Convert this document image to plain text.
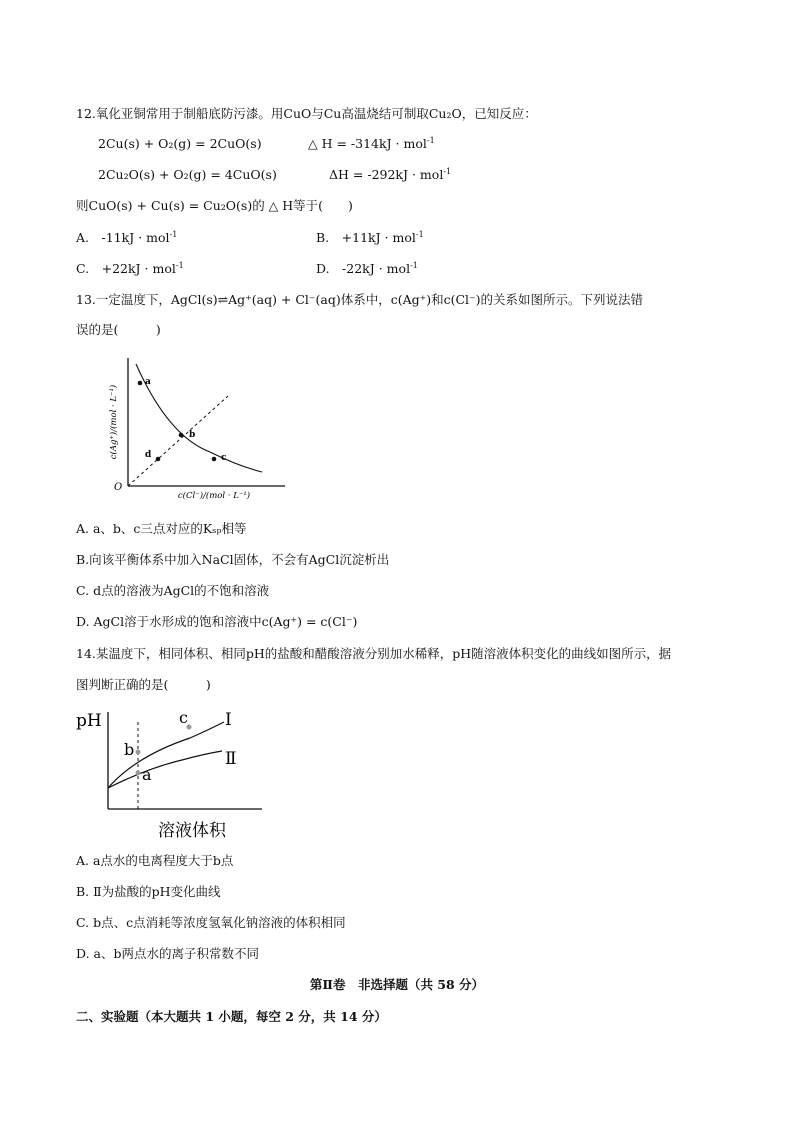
12.氧化亚铜常用于制船底防污漆。用CuO与Cu高温烧结可制取Cu₂O，已知反应：
2Cu(s) + O₂(g) = 2CuO(s)	△ H = -314kJ · mol$^{-1}$
2Cu₂O(s) + O₂(g) = 4CuO(s)	ΔH = -292kJ · mol$^{-1}$
则CuO(s) + Cu(s) = Cu₂O(s)的 △ H等于(　　)
A.　-11kJ · mol$^{-1}$	B.　+11kJ · mol$^{-1}$
C.　+22kJ · mol$^{-1}$	D.　-22kJ · mol$^{-1}$
13.一定温度下，AgCl(s)⇌Ag⁺(aq) + Cl⁻(aq)体系中，c(Ag⁺)和c(Cl⁻)的关系如图所示。下列说法错
误的是(　　　)
c(Ag⁺)/(mol · L⁻¹)
c(Cl⁻)/(mol · L⁻¹)
O
a
b
c
d
A. a、b、c三点对应的Kₛₚ相等
B.向该平衡体系中加入NaCl固体，不会有AgCl沉淀析出
C. d点的溶液为AgCl的不饱和溶液
D. AgCl溶于水形成的饱和溶液中c(Ag⁺) = c(Cl⁻)
14.某温度下，相同体积、相同pH的盐酸和醋酸溶液分别加水稀释，pH随溶液体积变化的曲线如图所示，据
图判断正确的是(　　　)
pH
溶液体积
b
a
c Ⅰ
Ⅱ
A. a点水的电离程度大于b点
B. Ⅱ为盐酸的pH变化曲线
C. b点、c点消耗等浓度氢氧化钠溶液的体积相同
D. a、b两点水的离子积常数不同
第Ⅱ卷　非选择题（共 58 分）
二、实验题（本大题共 1 小题，每空 2 分，共 14 分）
